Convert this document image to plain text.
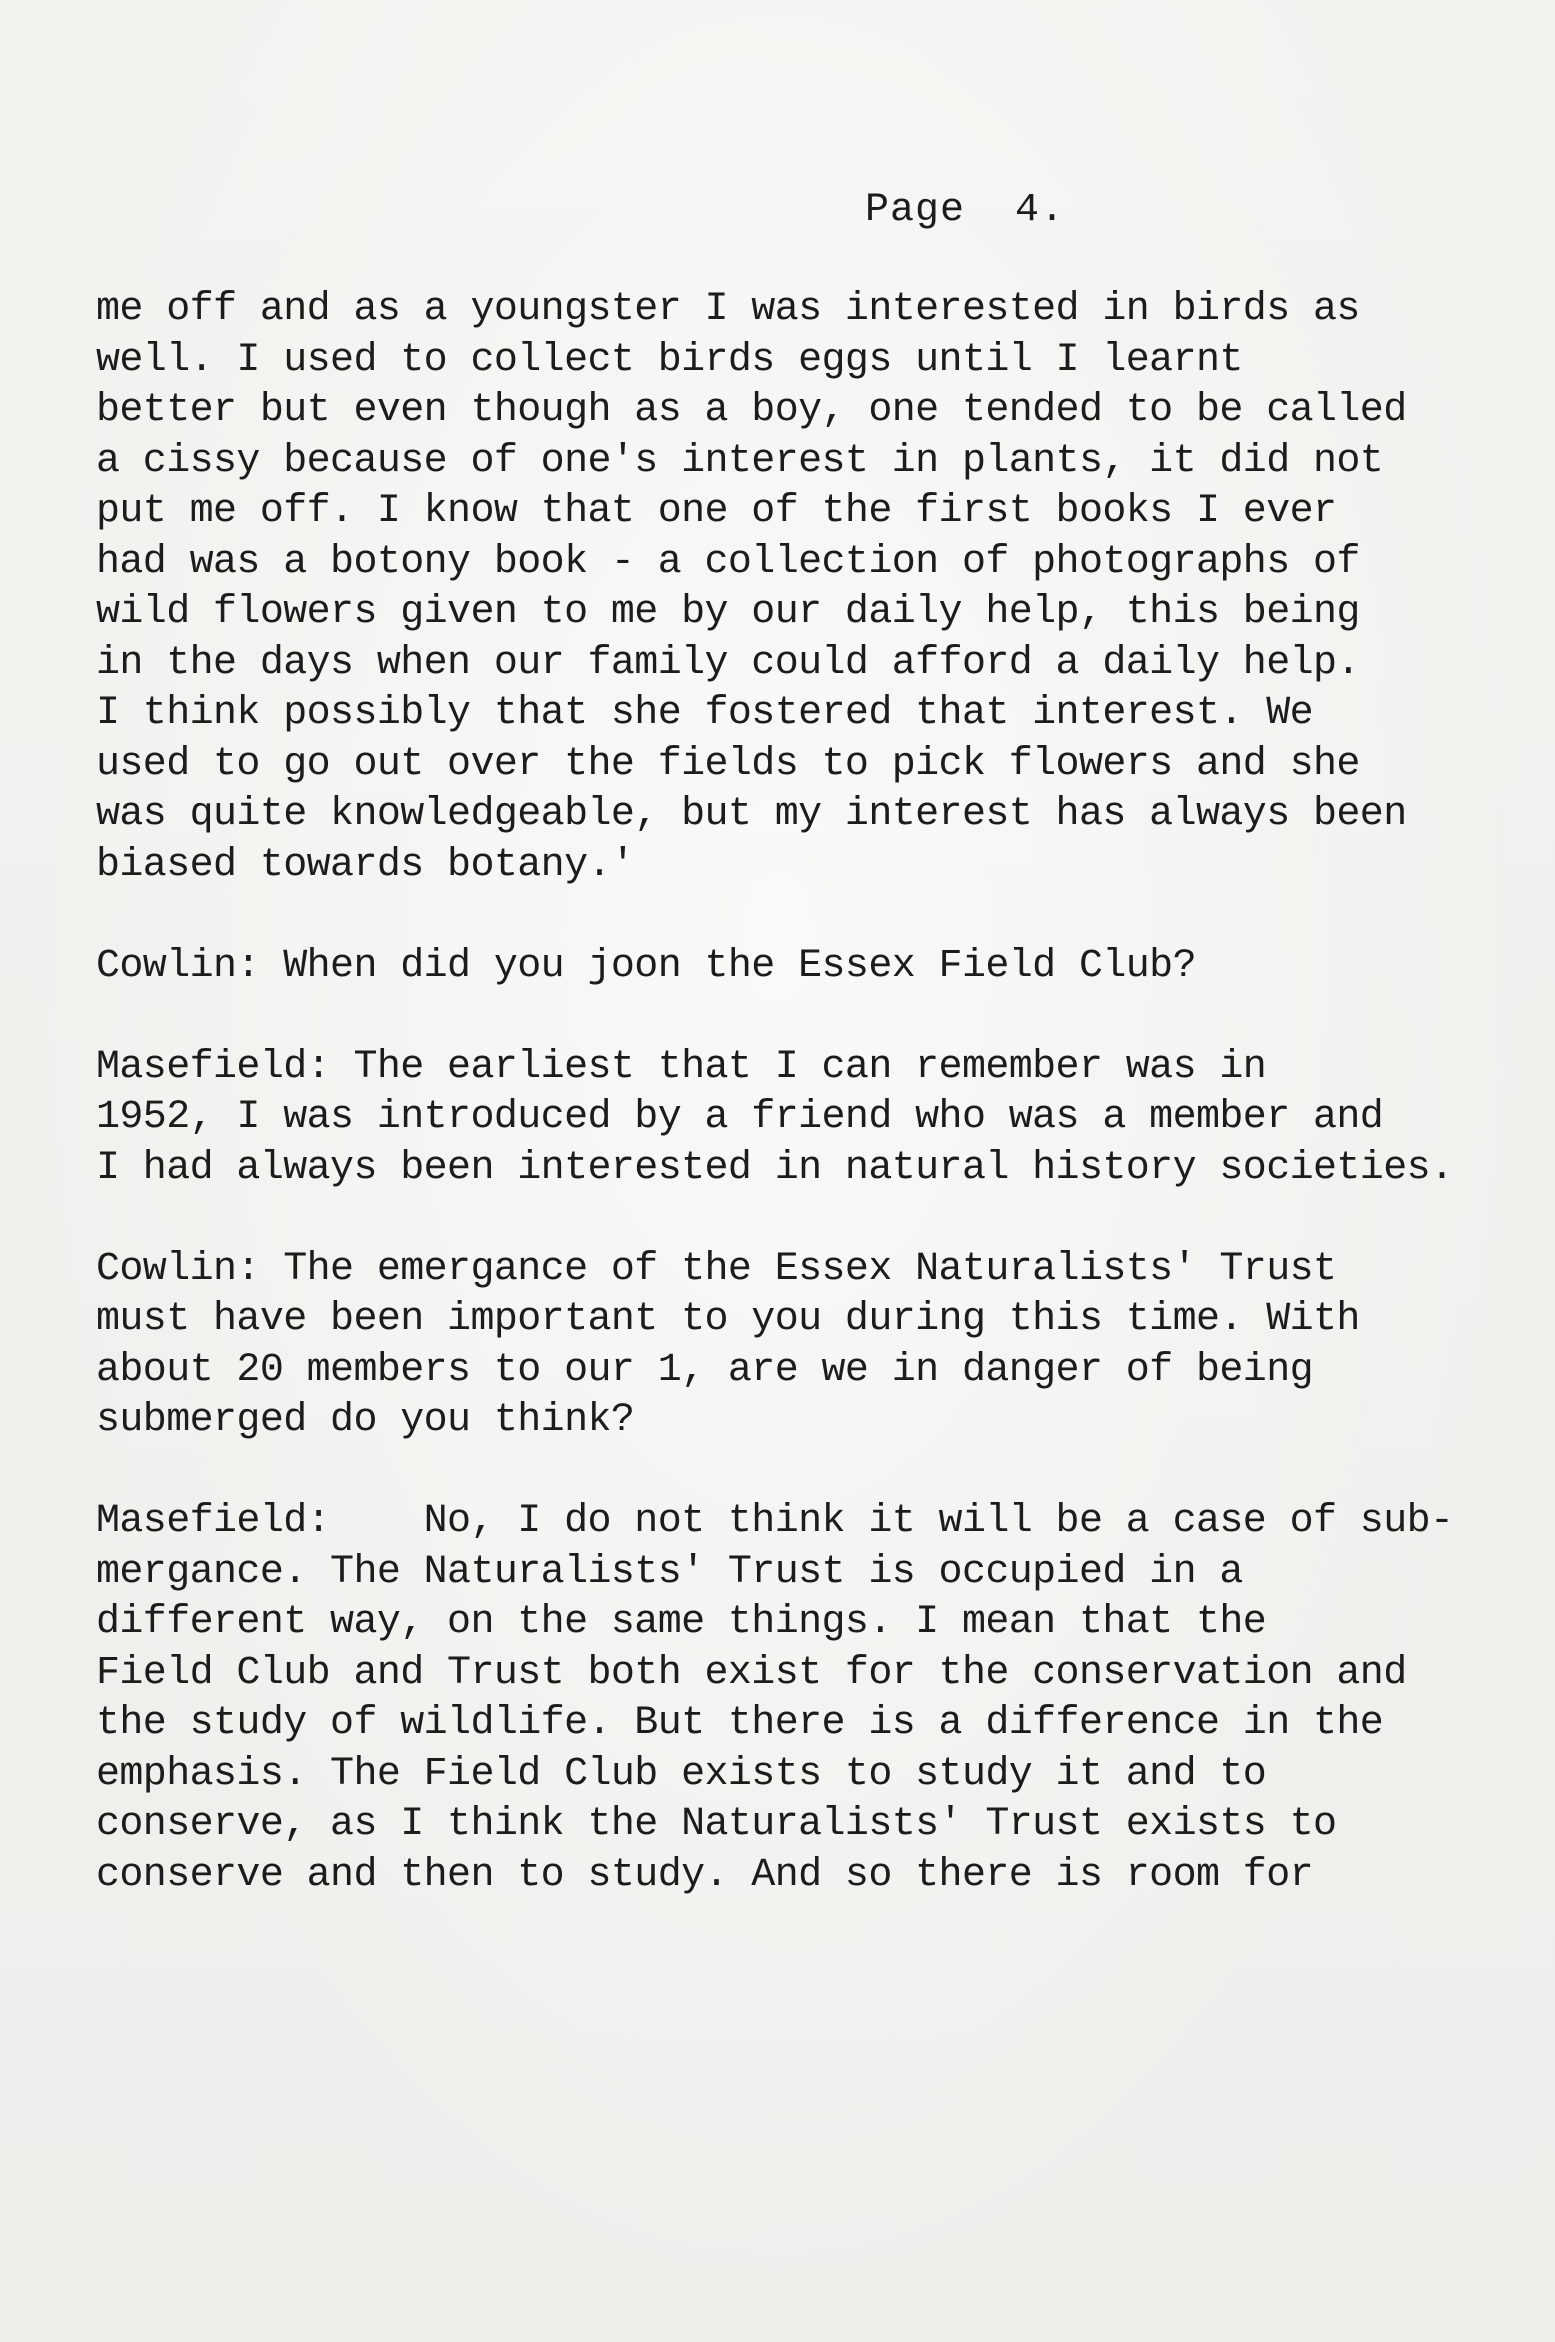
Page  4.
me off and as a youngster I was interested in birds as
well. I used to collect birds eggs until I learnt
better but even though as a boy, one tended to be called
a cissy because of one's interest in plants, it did not
put me off. I know that one of the first books I ever
had was a botony book - a collection of photographs of
wild flowers given to me by our daily help, this being
in the days when our family could afford a daily help.
I think possibly that she fostered that interest. We
used to go out over the fields to pick flowers and she
was quite knowledgeable, but my interest has always been
biased towards botany.'
Cowlin: When did you joon the Essex Field Club?
Masefield: The earliest that I can remember was in
1952, I was introduced by a friend who was a member and
I had always been interested in natural history societies.
Cowlin: The emergance of the Essex Naturalists' Trust
must have been important to you during this time. With
about 20 members to our 1, are we in danger of being
submerged do you think?
Masefield:    No, I do not think it will be a case of sub-
mergance. The Naturalists' Trust is occupied in a
different way, on the same things. I mean that the
Field Club and Trust both exist for the conservation and
the study of wildlife. But there is a difference in the
emphasis. The Field Club exists to study it and to
conserve, as I think the Naturalists' Trust exists to
conserve and then to study. And so there is room for
